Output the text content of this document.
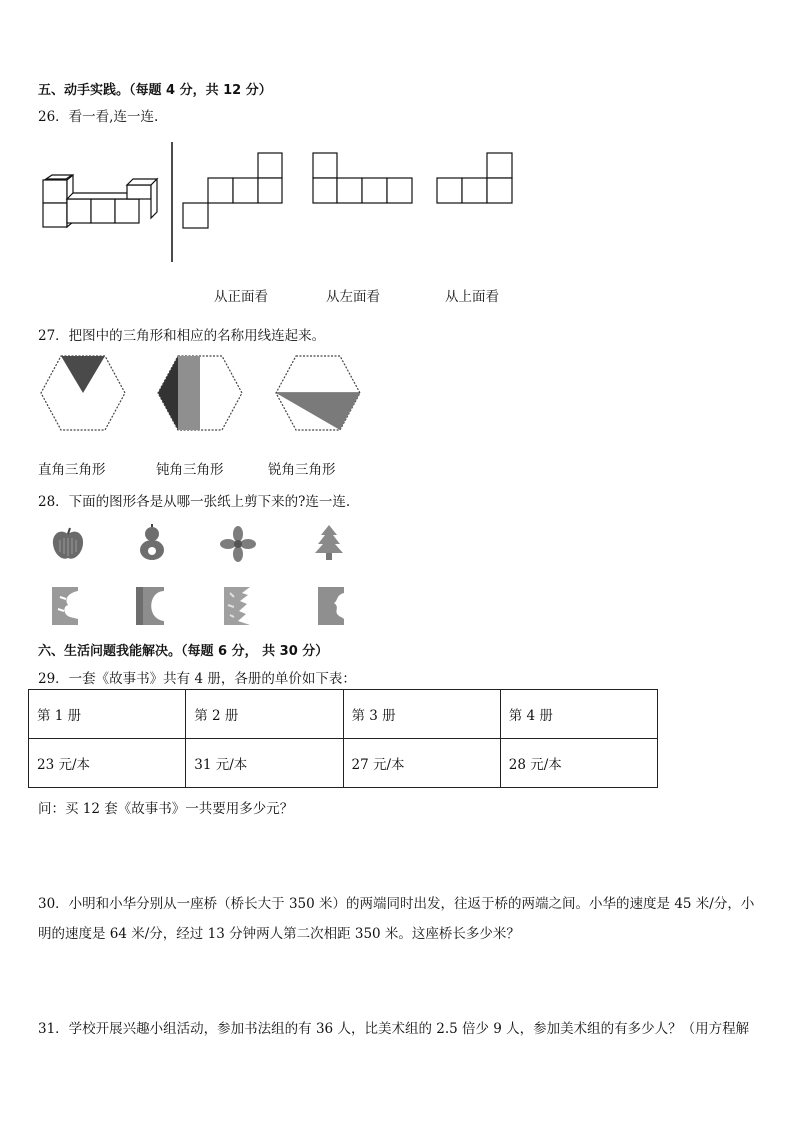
五、动手实践。（每题 4 分，共 12 分）
26．看一看,连一连.
从正面看	从左面看	从上面看
27．把图中的三角形和相应的名称用线连起来。
直角三角形	钝角三角形	锐角三角形
28．下面的图形各是从哪一张纸上剪下来的?连一连.
六、生活问题我能解决。（每题 6 分， 共 30 分）
29．一套《故事书》共有 4 册，各册的单价如下表：
第 1 册	第 2 册	第 3 册	第 4 册
23 元/本	31 元/本	27 元/本	28 元/本
问：买 12 套《故事书》一共要用多少元？
30．小明和小华分别从一座桥（桥长大于 350 米）的两端同时出发，往返于桥的两端之间。小华的速度是 45 米/分，小
明的速度是 64 米/分，经过 13 分钟两人第二次相距 350 米。这座桥长多少米？
31．学校开展兴趣小组活动，参加书法组的有 36 人，比美术组的 2.5 倍少 9 人，参加美术组的有多少人？（用方程解
